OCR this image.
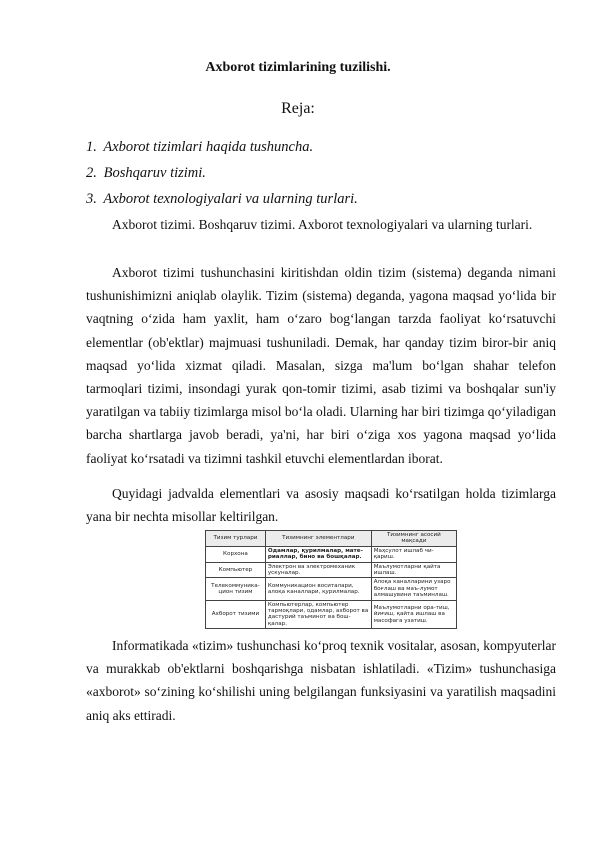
Axborot tizimlarining tuzilishi.
Reja:
1. Axborot tizimlari haqida tushuncha.
2. Boshqaruv tizimi.
3. Axborot texnologiyalari va ularning turlari.
Axborot tizimi. Boshqaruv tizimi. Axborot texnologiyalari va ularning turlari.
Axborot tizimi tushunchasini kiritishdan oldin tizim (sistema) deganda nimani tushunishimizni aniqlab olaylik. Tizim (sistema) deganda, yagona maqsad yo‘lida bir vaqtning o‘zida ham yaxlit, ham o‘zaro bog‘langan tarzda faoliyat ko‘rsatuvchi elementlar (ob'ektlar) majmuasi tushuniladi. Demak, har qanday tizim biror-bir aniq maqsad yo‘lida xizmat qiladi. Masalan, sizga ma'lum bo‘lgan shahar telefon tarmoqlari tizimi, insondagi yurak qon-tomir tizimi, asab tizimi va boshqalar sun'iy yaratilgan va tabiiy tizimlarga misol bo‘la oladi. Ularning har biri tizimga qo‘yiladigan barcha shartlarga javob beradi, ya'ni, har biri o‘ziga xos yagona maqsad yo‘lida faoliyat ko‘rsatadi va tizimni tashkil etuvchi elementlardan iborat.
Quyidagi jadvalda elementlari va asosiy maqsadi ko‘rsatilgan holda tizimlarga yana bir nechta misollar keltirilgan.
Тизим турлари	Тизимнинг элементлари	Тизимнинг асосий мақсади
Корхона	Одамлар, қурилмалар, мате-риаллар, бино ва бошқалар.	Маҳсулот ишлаб чи-қариш.
Компьютер	Электрон ва электромеханик ускуналар.	Маълумотларни қайта ишлаш.
Телекоммуника-цион тизим	Коммуникацион воситалари, алоқа каналлари, қурилмалар.	Алоқа каналларини узаро боғлаш ва маъ-лумот алмашувини таъминлаш.
Ахборот тизими	Компьютерлар, компьютер тармоқлари, одамлар, ахборот ва дастурий таъминот ва бош-қалар.	Маълумотларни ора-тиш, йиғиш, қайта ишлаш ва масофага узатиш.
Informatikada «tizim» tushunchasi ko‘proq texnik vositalar, asosan, kompyuterlar va murakkab ob'ektlarni boshqarishga nisbatan ishlatiladi. «Tizim» tushunchasiga «axborot» so‘zining ko‘shilishi uning belgilangan funksiyasini va yaratilish maqsadini aniq aks ettiradi.
